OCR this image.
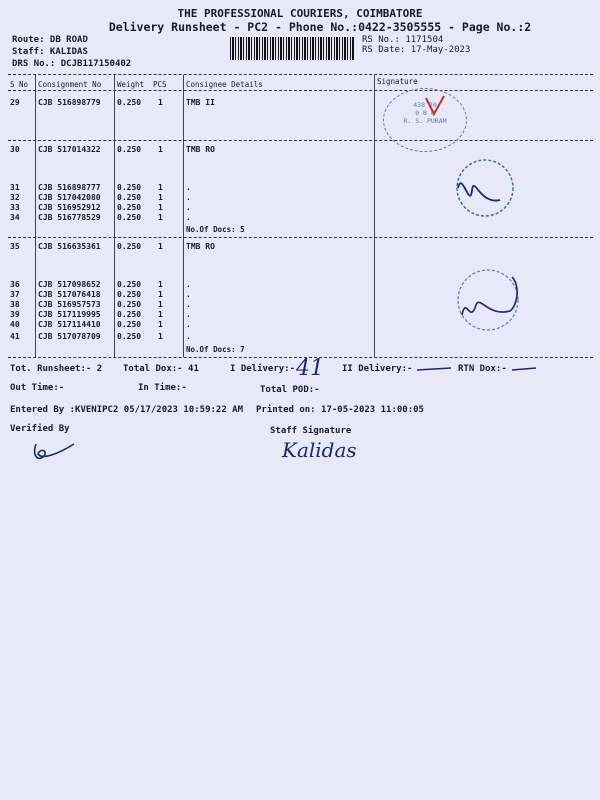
THE PROFESSIONAL COURIERS, COIMBATORE
Delivery Runsheet - PC2 - Phone No.:0422-3505555 - Page No.:2
Route: DB ROAD
Staff: KALIDAS
DRS No.: DCJB117150402
RS No.: 1171504
RS Date: 17-May-2023
S No Consignment No Weight PCS	Consignee Details	Signature
29 CJB 516898779 0.250 1	TMB II
30 CJB 517014322 0.250 1	TMB RO
31 CJB 516898777 0.250 1	.
32 CJB 517042080 0.250 1	.
33 CJB 516952912 0.250 1	.
34 CJB 516778529 0.250 1	.
No.Of Docs: 5
35 CJB 516635361 0.250 1	TMB RO
36 CJB 517098652 0.250 1	.
37 CJB 517076418 0.250 1	.
38 CJB 516957573 0.250 1	.
39 CJB 517119995 0.250 1	.
40 CJB 517114410 0.250 1	.
41 CJB 517078709 0.250 1	.
No.Of Docs: 7
438 20
0 B 0
R. S. PURAM
Tot. Runsheet:- 2 Total Dox:- 41	I Delivery:- 41 II Delivery:-	RTN Dox:-
Out Time:-	In Time:-	Total POD:-
Entered By :KVENIPC2 05/17/2023 10:59:22 AM Printed on: 17-05-2023 11:00:05
Verified By	Staff Signature
Kalidas
